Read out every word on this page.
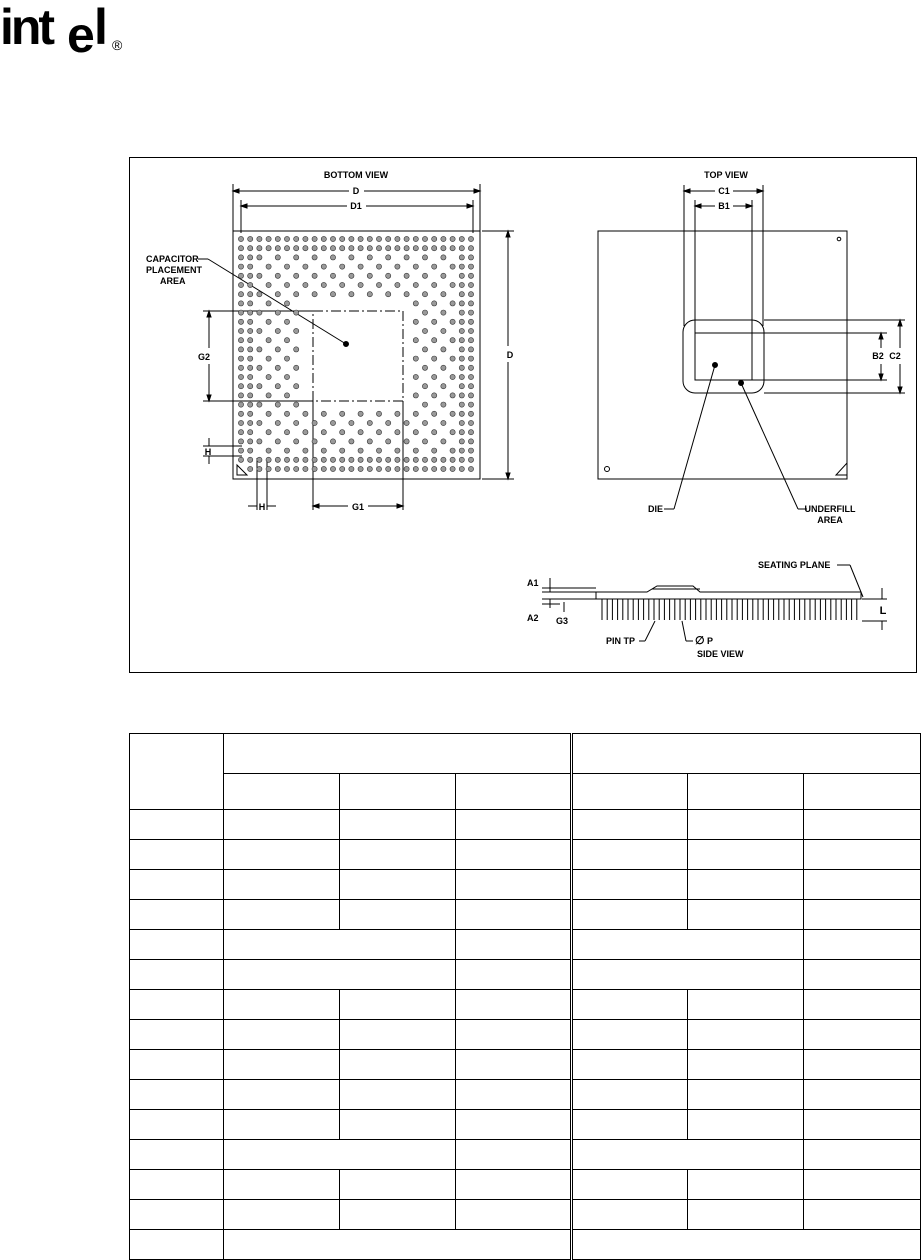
int e l ®
BOTTOM VIEW
D
D1
CAPACITOR
PLACEMENT
AREA
D
G2
H
H	G1
TOP VIEW
C1
B1
B2 C2
DIE	UNDERFILL
AREA
SEATING PLANE
A1
A2 G3
L
PIN TP	∅ P
SIDE VIEW
